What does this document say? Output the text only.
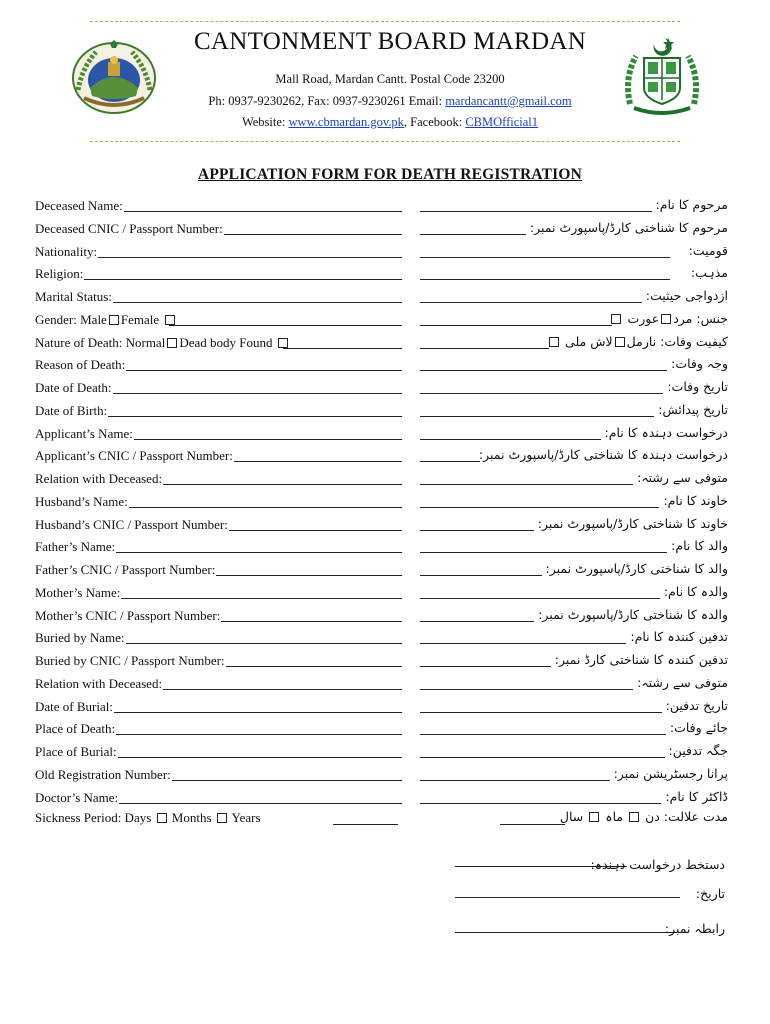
CANTONMENT BOARD MARDAN
Mall Road, Mardan Cantt. Postal Code 23200
Ph: 0937-9230262, Fax: 0937-9230261 Email: mardancantt@gmail.com
Website: www.cbmardan.gov.pk, Facebook: CBMOfficial1
APPLICATION FORM FOR DEATH REGISTRATION
Deceased Name:	مرحوم کا نام:
Deceased CNIC / Passport Number:	مرحوم کا شناختی کارڈ/پاسپورٹ نمبر:
Nationality:	قومیت:
Religion:	مذہب:
Marital Status:	ازدواجی حیثیت:
Gender: Male Female	جنس: مردعورت
Nature of Death: Normal Dead body Found	کیفیت وفات: نارمللاش ملی
Reason of Death:	وجہ وفات:
Date of Death:	تاریخ وفات:
Date of Birth:	تاریخ پیدائش:
Applicant’s Name:	درخواست دہندہ کا نام:
Applicant’s CNIC / Passport Number:	درخواست دہندہ کا شناختی کارڈ/پاسپورٹ نمبر:
Relation with Deceased:	متوفی سے رشتہ:
Husband’s Name:	خاوند کا نام:
Husband’s CNIC / Passport Number:	خاوند کا شناختی کارڈ/پاسپورٹ نمبر:
Father’s Name:	والد کا نام:
Father’s CNIC / Passport Number:	والد کا شناختی کارڈ/پاسپورٹ نمبر:
Mother’s Name:	والدہ کا نام:
Mother’s CNIC / Passport Number:	والدہ کا شناختی کارڈ/پاسپورٹ نمبر:
Buried by Name:	تدفین کنندہ کا نام:
Buried by CNIC / Passport Number:	تدفین کنندہ کا شناختی کارڈ نمبر:
Relation with Deceased:	متوفی سے رشتہ:
Date of Burial:	تاریخ تدفین:
Place of Death:	جائے وفات:
Place of Burial:	جگہ تدفین:
Old Registration Number:	پرانا رجسٹریشن نمبر:
Doctor’s Name:	ڈاکٹر کا نام:
Sickness Period: Days Months Years	مدت علالت: دن  ماہ  سال
دستخط درخواست دہندہ:
تاریخ:
رابطہ نمبر:
